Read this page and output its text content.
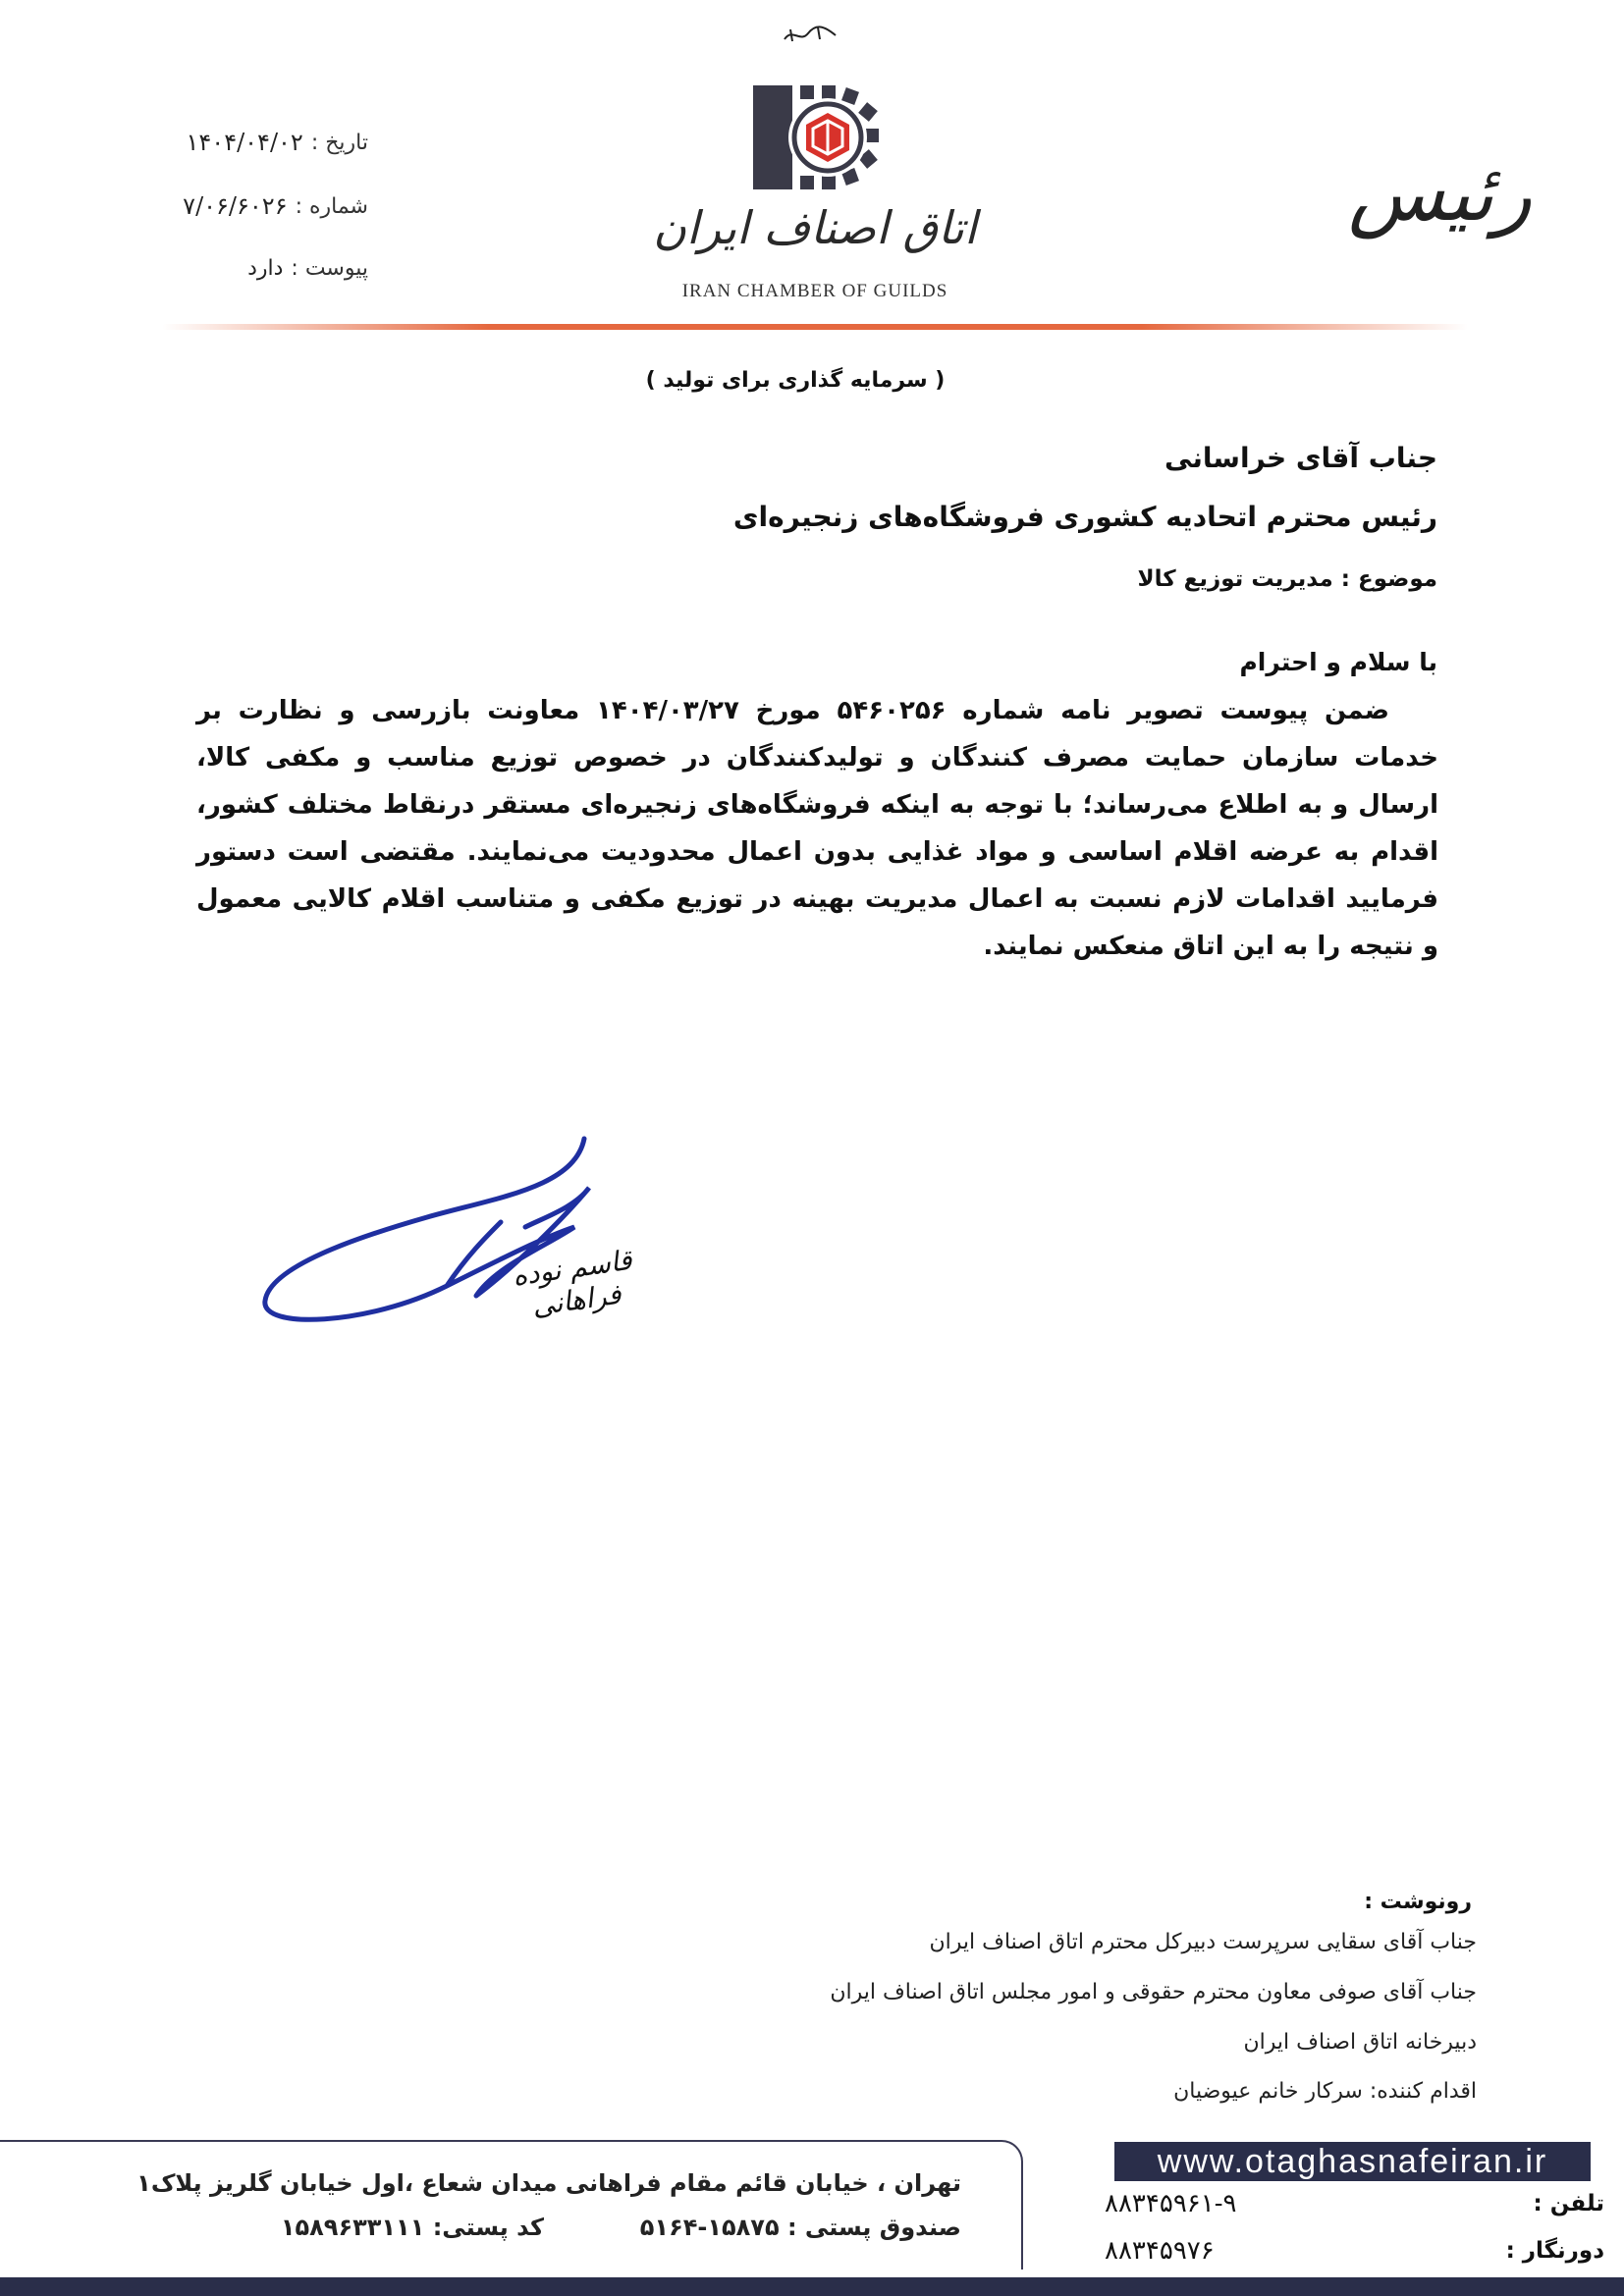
اتاق اصناف ایران
IRAN CHAMBER OF GUILDS
رئیس
تاریخ :
۱۴۰۴/۰۴/۰۲
شماره :
۷/۰۶/۶۰۲۶
پیوست :
دارد
( سرمایه گذاری برای تولید )
جناب آقای خراسانی
رئیس محترم اتحادیه کشوری فروشگاه‌های زنجیره‌ای
موضوع : مدیریت توزیع کالا
با سلام و احترام
ضمن پیوست تصویر نامه شماره ۵۴۶۰۲۵۶ مورخ ۱۴۰۴/۰۳/۲۷ معاونت بازرسی و نظارت بر خدمات سازمان حمایت مصرف کنندگان و تولیدکنندگان در خصوص توزیع مناسب و مکفی کالا، ارسال و به اطلاع می‌رساند؛ با توجه به اینکه فروشگاه‌های زنجیره‌ای مستقر درنقاط مختلف کشور، اقدام به عرضه اقلام اساسی و مواد غذایی بدون اعمال محدودیت می‌نمایند. مقتضی است دستور فرمایید اقدامات لازم نسبت به اعمال مدیریت بهینه در توزیع مکفی و متناسب اقلام کالایی معمول و نتیجه را به این اتاق منعکس نمایند.
قاسم نوده فراهانی
رونوشت :
جناب آقای سقایی سرپرست دبیرکل محترم اتاق اصناف ایران
جناب آقای صوفی معاون محترم حقوقی و امور مجلس اتاق اصناف ایران
دبیرخانه اتاق اصناف ایران
اقدام کننده: سرکار خانم عیوضیان
تهران ، خیابان قائم مقام فراهانی میدان شعاع ،اول خیابان گلریز پلاک۱
صندوق پستی : ۱۵۸۷۵-۵۱۶۴
کد پستی: ۱۵۸۹۶۳۳۱۱۱
www.otaghasnafeiran.ir
تلفن :
۸۸۳۴۵۹۶۱-۹
دورنگار :
۸۸۳۴۵۹۷۶
